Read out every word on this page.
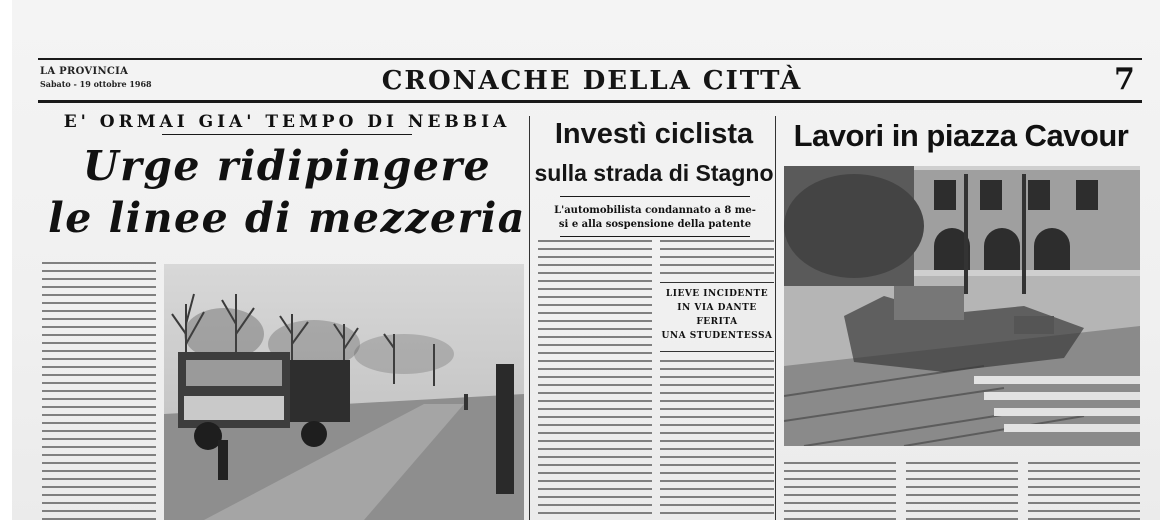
LA PROVINCIA
Sabato - 19 ottobre 1968	CRONACHE DELLA CITTÀ	7
E' ORMAI GIA' TEMPO DI NEBBIA
Urge ridipingere
le linee di mezzeria
Investì ciclista
sulla strada di Stagno
L'automobilista condannato a 8 me-
si e alla sospensione della patente
LIEVE INCIDENTE
IN VIA DANTE
FERITA
UNA STUDENTESSA
Lavori in piazza Cavour
